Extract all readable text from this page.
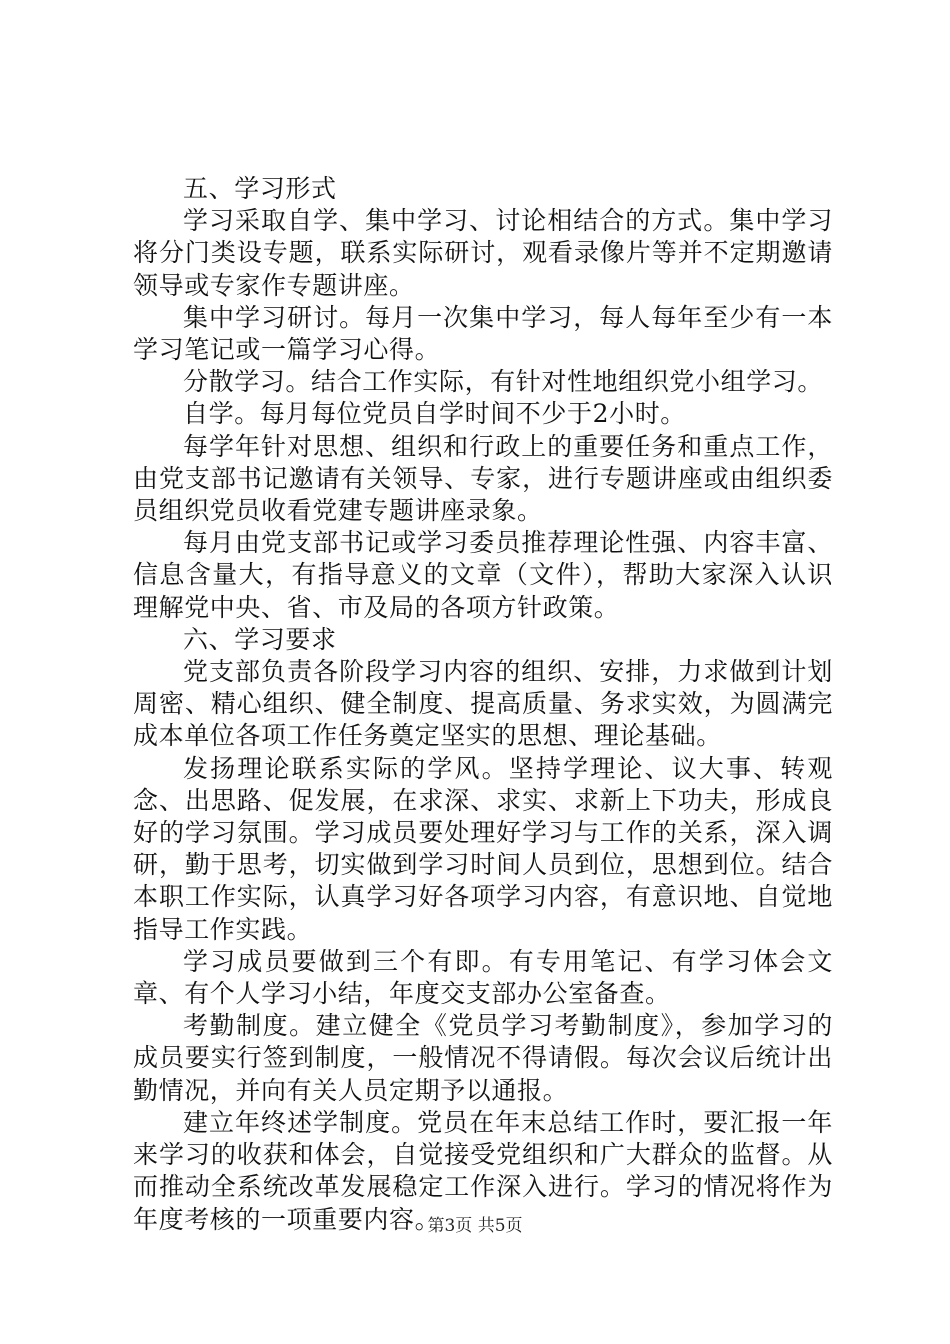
五、学习形式

学习采取自学、集中学习、讨论相结合的方式。集中学习将分门类设专题，联系实际研讨，观看录像片等并不定期邀请领导或专家作专题讲座。

集中学习研讨。每月一次集中学习，每人每年至少有一本学习笔记或一篇学习心得。

分散学习。结合工作实际，有针对性地组织党小组学习。

自学。每月每位党员自学时间不少于2小时。

每学年针对思想、组织和行政上的重要任务和重点工作，由党支部书记邀请有关领导、专家，进行专题讲座或由组织委员组织党员收看党建专题讲座录象。

每月由党支部书记或学习委员推荐理论性强、内容丰富、信息含量大，有指导意义的文章（文件），帮助大家深入认识理解党中央、省、市及局的各项方针政策。

六、学习要求

党支部负责各阶段学习内容的组织、安排，力求做到计划周密、精心组织、健全制度、提高质量、务求实效，为圆满完成本单位各项工作任务奠定坚实的思想、理论基础。

发扬理论联系实际的学风。坚持学理论、议大事、转观念、出思路、促发展，在求深、求实、求新上下功夫，形成良好的学习氛围。学习成员要处理好学习与工作的关系，深入调研，勤于思考，切实做到学习时间人员到位，思想到位。结合本职工作实际，认真学习好各项学习内容，有意识地、自觉地指导工作实践。

学习成员要做到三个有即。有专用笔记、有学习体会文章、有个人学习小结，年度交支部办公室备查。

考勤制度。建立健全《党员学习考勤制度》，参加学习的成员要实行签到制度，一般情况不得请假。每次会议后统计出勤情况，并向有关人员定期予以通报。

建立年终述学制度。党员在年末总结工作时，要汇报一年来学习的收获和体会，自觉接受党组织和广大群众的监督。从而推动全系统改革发展稳定工作深入进行。学习的情况将作为年度考核的一项重要内容。

第3页 共5页
